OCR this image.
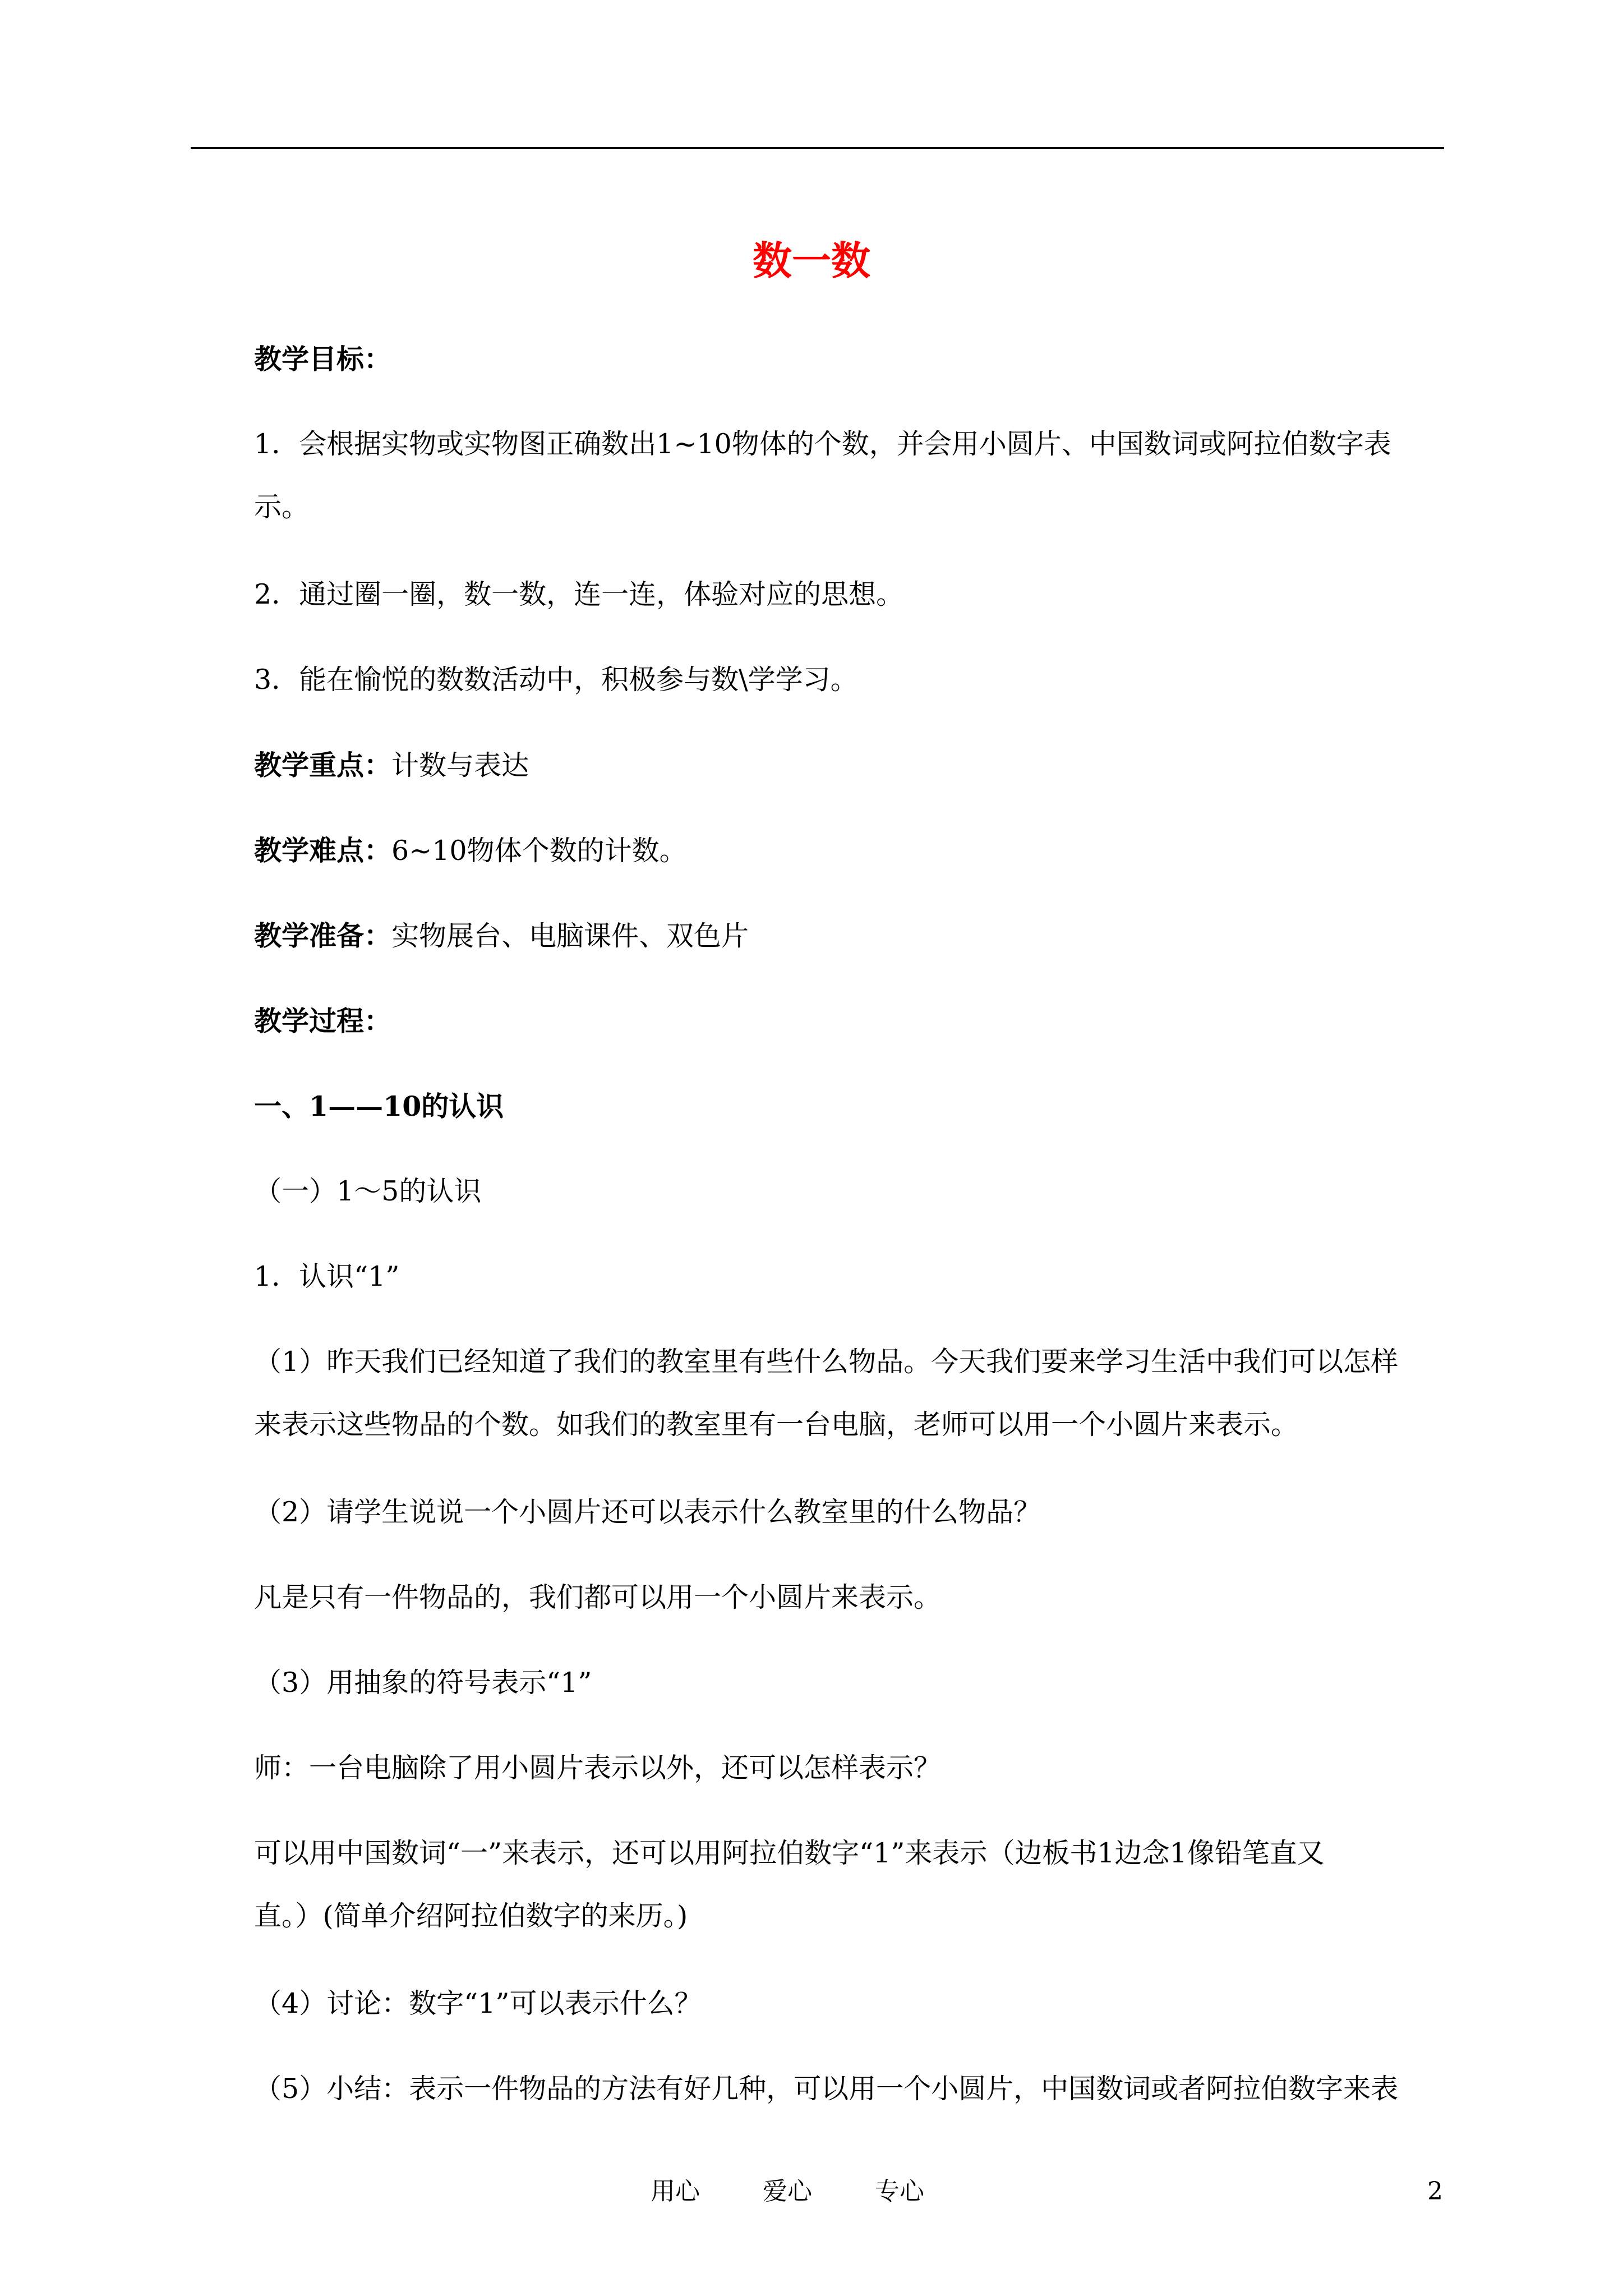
数一数
教学目标：
1．会根据实物或实物图正确数出1~10物体的个数，并会用小圆片、中国数词或阿拉伯数字表
示。
2．通过圈一圈，数一数，连一连，体验对应的思想。
3．能在愉悦的数数活动中，积极参与数\学学习。
教学重点：计数与表达
教学难点：6~10物体个数的计数。
教学准备：实物展台、电脑课件、双色片
教学过程：
一、1——10的认识
（一）1～5的认识
1．认识“1”
（1）昨天我们已经知道了我们的教室里有些什么物品。今天我们要来学习生活中我们可以怎样
来表示这些物品的个数。如我们的教室里有一台电脑，老师可以用一个小圆片来表示。
（2）请学生说说一个小圆片还可以表示什么教室里的什么物品？
凡是只有一件物品的，我们都可以用一个小圆片来表示。
（3）用抽象的符号表示“1”
师：一台电脑除了用小圆片表示以外，还可以怎样表示？
可以用中国数词“一”来表示，还可以用阿拉伯数字“1”来表示（边板书1边念1像铅笔直又
直。）(简单介绍阿拉伯数字的来历。)
（4）讨论：数字“1”可以表示什么？
（5）小结：表示一件物品的方法有好几种，可以用一个小圆片，中国数词或者阿拉伯数字来表
用心	爱心	专心	2
